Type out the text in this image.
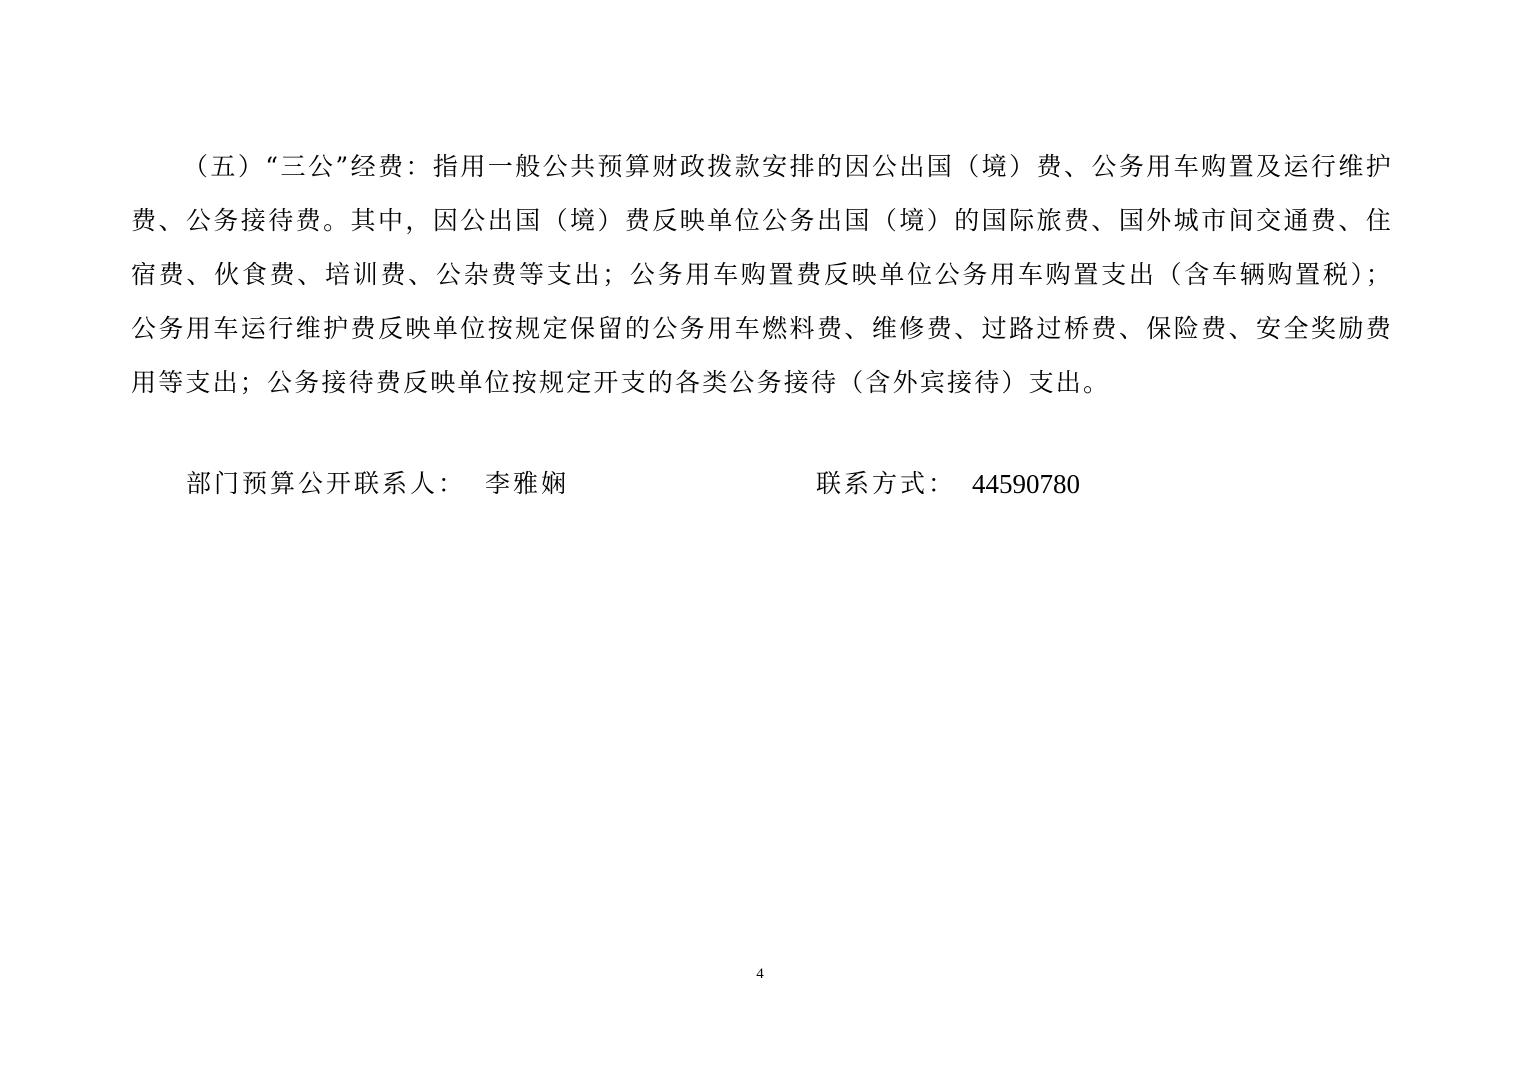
（五）“三公”经费：指用一般公共预算财政拨款安排的因公出国（境）费、公务用车购置及运行维护费、公务接待费。其中，因公出国（境）费反映单位公务出国（境）的国际旅费、国外城市间交通费、住宿费、伙食费、培训费、公杂费等支出；公务用车购置费反映单位公务用车购置支出（含车辆购置税）；公务用车运行维护费反映单位按规定保留的公务用车燃料费、维修费、过路过桥费、保险费、安全奖励费用等支出；公务接待费反映单位按规定开支的各类公务接待（含外宾接待）支出。

部门预算公开联系人： 李雅娴	联系方式： 44590780
4
